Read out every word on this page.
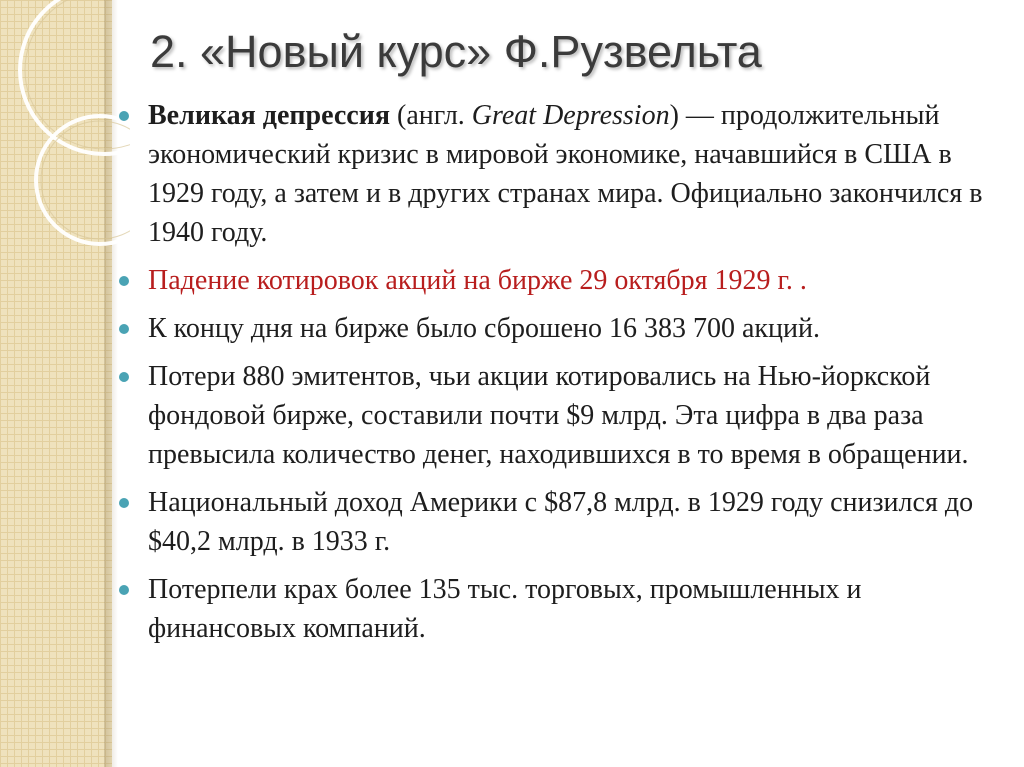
2. «Новый курс» Ф.Рузвельта
Великая депрессия (англ. Great Depression) — продолжительный экономический кризис в мировой экономике, начавшийся в США в 1929 году, а затем и в других странах мира. Официально закончился в 1940 году.
Падение котировок акций на бирже 29 октября 1929 г. .
К концу дня на бирже было сброшено 16 383 700 акций.
Потери 880 эмитентов, чьи акции котировались на Нью-йоркской фондовой бирже, составили почти $9 млрд. Эта цифра в два раза превысила количество денег, находившихся в то время в обращении.
Национальный доход Америки с $87,8 млрд. в 1929 году снизился до $40,2 млрд. в 1933 г.
Потерпели крах более 135 тыс. торговых, промышленных и финансовых компаний.
